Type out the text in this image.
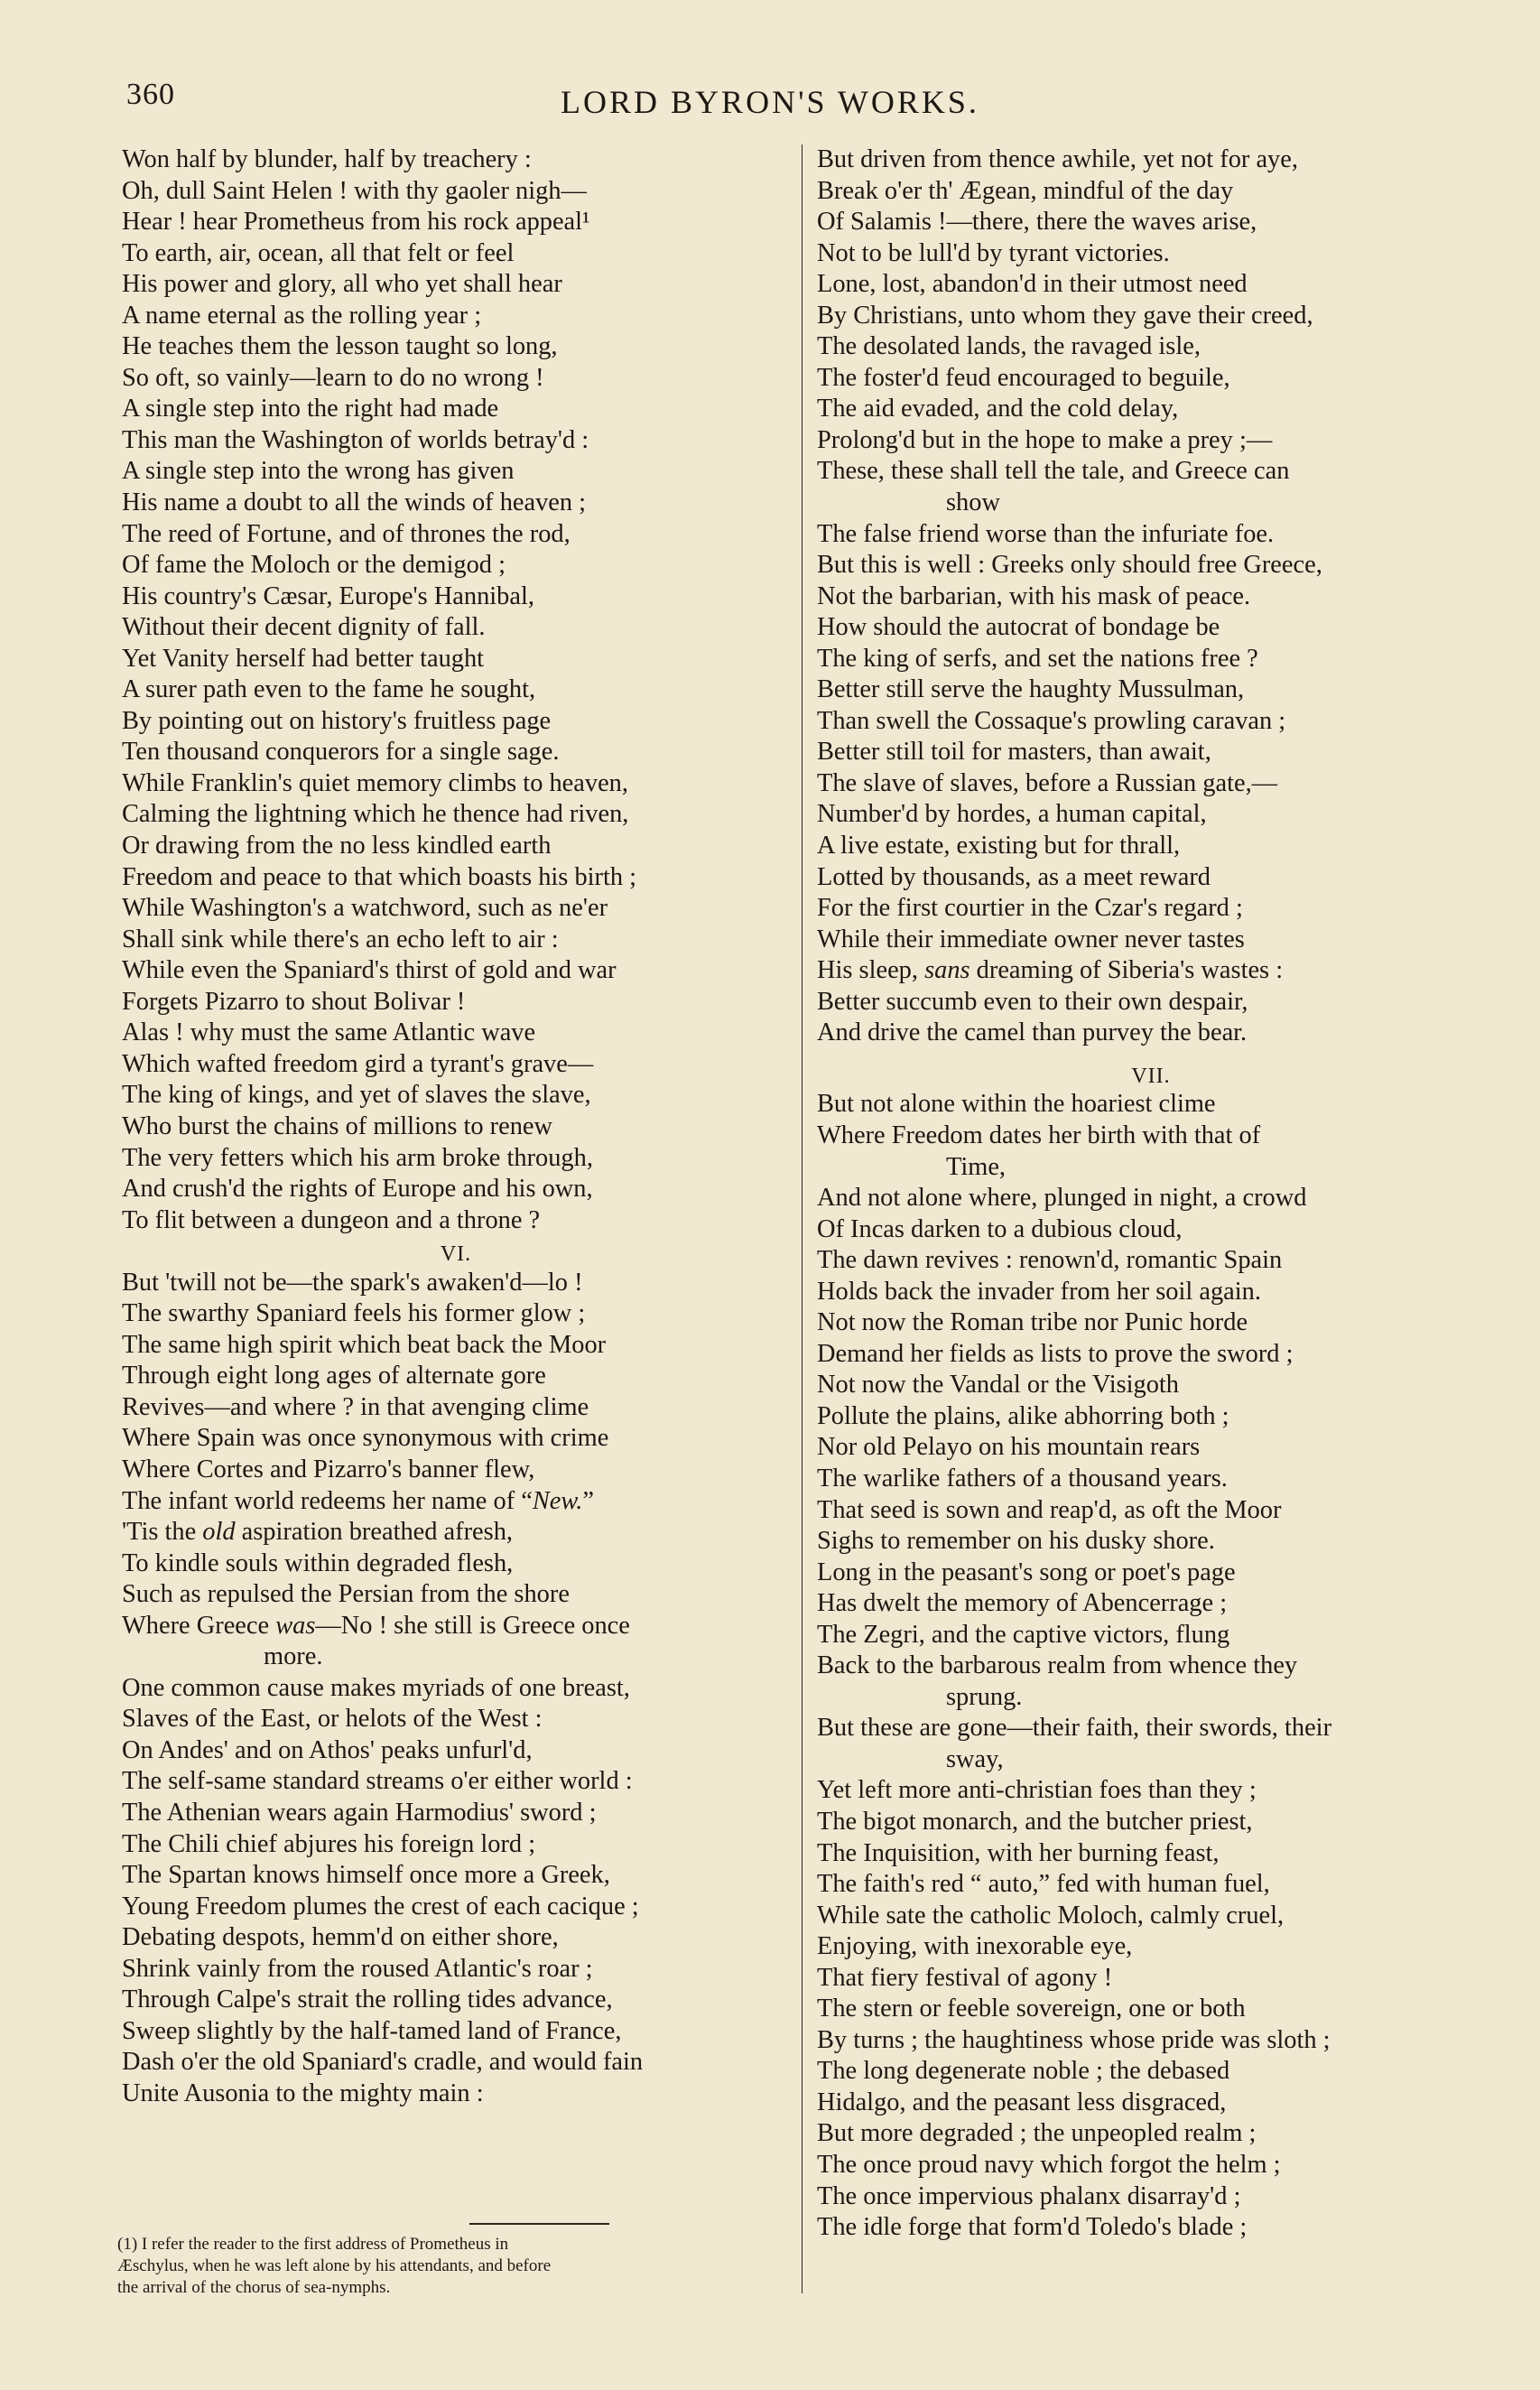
360	LORD BYRON'S WORKS.
Won half by blunder, half by treachery :
Oh, dull Saint Helen ! with thy gaoler nigh—
Hear ! hear Prometheus from his rock appeal¹
To earth, air, ocean, all that felt or feel
His power and glory, all who yet shall hear
A name eternal as the rolling year ;
He teaches them the lesson taught so long,
So oft, so vainly—learn to do no wrong !
A single step into the right had made
This man the Washington of worlds betray'd :
A single step into the wrong has given
His name a doubt to all the winds of heaven ;
The reed of Fortune, and of thrones the rod,
Of fame the Moloch or the demigod ;
His country's Cæsar, Europe's Hannibal,
Without their decent dignity of fall.
Yet Vanity herself had better taught
A surer path even to the fame he sought,
By pointing out on history's fruitless page
Ten thousand conquerors for a single sage.
While Franklin's quiet memory climbs to heaven,
Calming the lightning which he thence had riven,
Or drawing from the no less kindled earth
Freedom and peace to that which boasts his birth ;
While Washington's a watchword, such as ne'er
Shall sink while there's an echo left to air :
While even the Spaniard's thirst of gold and war
Forgets Pizarro to shout Bolivar !
Alas ! why must the same Atlantic wave
Which wafted freedom gird a tyrant's grave—
The king of kings, and yet of slaves the slave,
Who burst the chains of millions to renew
The very fetters which his arm broke through,
And crush'd the rights of Europe and his own,
To flit between a dungeon and a throne ?
VI.
But 'twill not be—the spark's awaken'd—lo !
The swarthy Spaniard feels his former glow ;
The same high spirit which beat back the Moor
Through eight long ages of alternate gore
Revives—and where ? in that avenging clime
Where Spain was once synonymous with crime
Where Cortes and Pizarro's banner flew,
The infant world redeems her name of “New.”
'Tis the old aspiration breathed afresh,
To kindle souls within degraded flesh,
Such as repulsed the Persian from the shore
Where Greece was—No ! she still is Greece once
more.
One common cause makes myriads of one breast,
Slaves of the East, or helots of the West :
On Andes' and on Athos' peaks unfurl'd,
The self-same standard streams o'er either world :
The Athenian wears again Harmodius' sword ;
The Chili chief abjures his foreign lord ;
The Spartan knows himself once more a Greek,
Young Freedom plumes the crest of each cacique ;
Debating despots, hemm'd on either shore,
Shrink vainly from the roused Atlantic's roar ;
Through Calpe's strait the rolling tides advance,
Sweep slightly by the half-tamed land of France,
Dash o'er the old Spaniard's cradle, and would fain
Unite Ausonia to the mighty main :
But driven from thence awhile, yet not for aye,
Break o'er th' Ægean, mindful of the day
Of Salamis !—there, there the waves arise,
Not to be lull'd by tyrant victories.
Lone, lost, abandon'd in their utmost need
By Christians, unto whom they gave their creed,
The desolated lands, the ravaged isle,
The foster'd feud encouraged to beguile,
The aid evaded, and the cold delay,
Prolong'd but in the hope to make a prey ;—
These, these shall tell the tale, and Greece can
show
The false friend worse than the infuriate foe.
But this is well : Greeks only should free Greece,
Not the barbarian, with his mask of peace.
How should the autocrat of bondage be
The king of serfs, and set the nations free ?
Better still serve the haughty Mussulman,
Than swell the Cossaque's prowling caravan ;
Better still toil for masters, than await,
The slave of slaves, before a Russian gate,—
Number'd by hordes, a human capital,
A live estate, existing but for thrall,
Lotted by thousands, as a meet reward
For the first courtier in the Czar's regard ;
While their immediate owner never tastes
His sleep, sans dreaming of Siberia's wastes :
Better succumb even to their own despair,
And drive the camel than purvey the bear.
VII.
But not alone within the hoariest clime
Where Freedom dates her birth with that of
Time,
And not alone where, plunged in night, a crowd
Of Incas darken to a dubious cloud,
The dawn revives : renown'd, romantic Spain
Holds back the invader from her soil again.
Not now the Roman tribe nor Punic horde
Demand her fields as lists to prove the sword ;
Not now the Vandal or the Visigoth
Pollute the plains, alike abhorring both ;
Nor old Pelayo on his mountain rears
The warlike fathers of a thousand years.
That seed is sown and reap'd, as oft the Moor
Sighs to remember on his dusky shore.
Long in the peasant's song or poet's page
Has dwelt the memory of Abencerrage ;
The Zegri, and the captive victors, flung
Back to the barbarous realm from whence they
sprung.
But these are gone—their faith, their swords, their
sway,
Yet left more anti-christian foes than they ;
The bigot monarch, and the butcher priest,
The Inquisition, with her burning feast,
The faith's red “ auto,” fed with human fuel,
While sate the catholic Moloch, calmly cruel,
Enjoying, with inexorable eye,
That fiery festival of agony !
The stern or feeble sovereign, one or both
By turns ; the haughtiness whose pride was sloth ;
The long degenerate noble ; the debased
Hidalgo, and the peasant less disgraced,
But more degraded ; the unpeopled realm ;
The once proud navy which forgot the helm ;
The once impervious phalanx disarray'd ;
The idle forge that form'd Toledo's blade ;
(1) I refer the reader to the first address of Prometheus in
Æschylus, when he was left alone by his attendants, and before
the arrival of the chorus of sea-nymphs.
